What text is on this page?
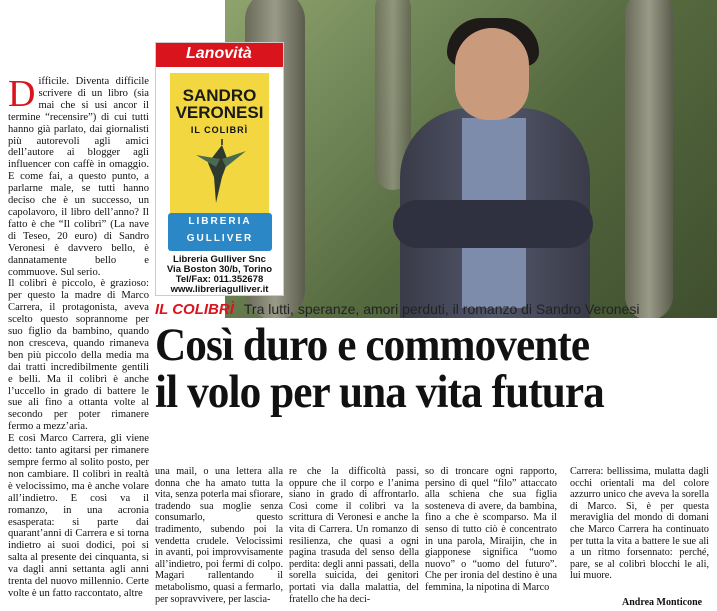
Lanovità
SANDRO VERONESI
IL COLIBRÌ
LIBRERIA
GULLIVER
Libreria Gulliver Snc
Via Boston 30/b, Torino
Tel/Fax: 011.352678
www.libreriagulliver.it
D ifficile. Diventa difficile scrivere di un libro (sia mai che si usi ancor il termine “recensire”) di cui tutti hanno già parlato, dai giornalisti più autorevoli agli amici dell’autore ai blogger agli influencer con caffè in omaggio. E come fai, a questo punto, a parlarne male, se tutti hanno deciso che è un successo, un capolavoro, il libro dell’anno? Il fatto è che “Il colibrì” (La nave di Teseo, 20 euro) di Sandro Veronesi è davvero bello, è dannatamente bello e commuove. Sul serio.

Il colibrì è piccolo, è grazioso: per questo la madre di Marco Carrera, il protagonista, aveva scelto questo soprannome per suo figlio da bambino, quando non cresceva, quando rimaneva ben più piccolo della media ma dai tratti incredibilmente gentili e belli. Ma il colibrì è anche l’uccello in grado di battere le sue ali fino a ottanta volte al secondo per poter rimanere fermo a mezz’aria.

E così Marco Carrera, gli viene detto: tanto agitarsi per rimanere sempre fermo al solito posto, per non cambiare. Il colibrì in realtà è velocissimo, ma è anche volare all’indietro. E così va il romanzo, in una acronia esasperata: si parte dai quarant’anni di Carrera e si torna indietro ai suoi dodici, poi si salta al presente dei cinquanta, si va dagli anni settanta agli anni trenta del nuovo millennio. Certe volte è un fatto raccontato, altre

IL COLIBRÌ Tra lutti, speranze, amori perduti, il romanzo di Sandro Veronesi
Così duro e commovente
il volo per una vita futura

una mail, o una lettera alla donna che ha amato tutta la vita, senza poterla mai sfiorare, tradendo sua moglie senza consumarlo, questo tradimento, subendo poi la vendetta crudele. Velocissimi in avanti, poi improvvisamente all’indietro, poi fermi di colpo. Magari rallentando il metabolismo, quasi a fermarlo, per sopravvivere, per lascia-

re che la difficoltà passi, oppure che il corpo e l’anima siano in grado di affrontarlo. Così come il colibrì va la scrittura di Veronesi e anche la vita di Carrera. Un romanzo di resilienza, che quasi a ogni pagina trasuda del senso della perdita: degli anni passati, della sorella suicida, dei genitori portati via dalla malattia, del fratello che ha deci-

so di troncare ogni rapporto, persino di quel “filo” attaccato alla schiena che sua figlia sosteneva di avere, da bambina, fino a che è scomparso. Ma il senso di tutto ciò è concentrato in una parola, Miraijin, che in giapponese significa “uomo nuovo” o “uomo del futuro”. Che per ironia del destino è una femmina, la nipotina di Marco

Carrera: bellissima, mulatta dagli occhi orientali ma del colore azzurro unico che aveva la sorella di Marco. Sì, è per questa meraviglia del mondo di domani che Marco Carrera ha continuato per tutta la vita a battere le sue ali a un ritmo forsennato: perché, pare, se al colibrì blocchi le ali, lui muore.

Andrea Monticone
